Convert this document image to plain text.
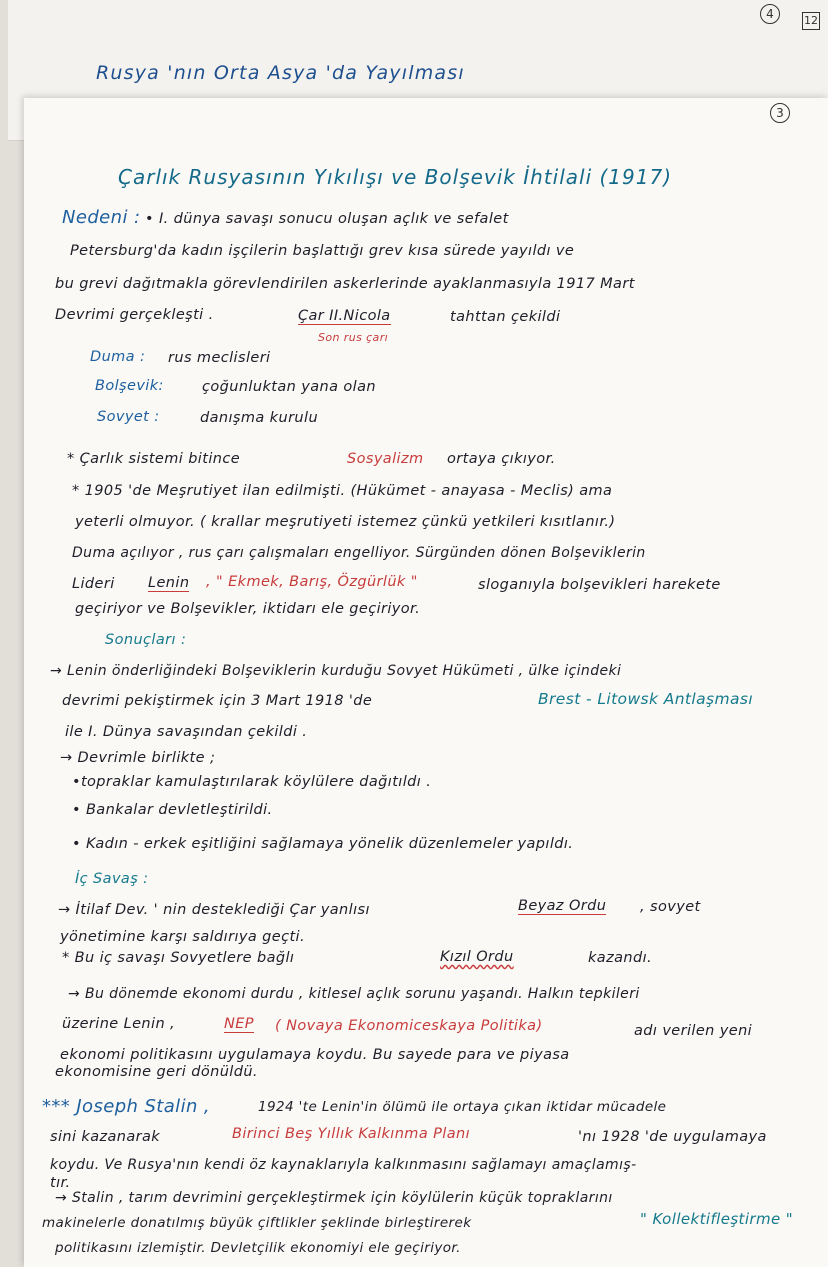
4	12
Rusya 'nın Orta Asya 'da Yayılması
3
Çarlık Rusyasının Yıkılışı ve Bolşevik İhtilali (1917)
Nedeni : • I. dünya savaşı sonucu oluşan açlık ve sefalet
Petersburg'da kadın işçilerin başlattığı grev kısa sürede yayıldı ve
bu grevi dağıtmakla görevlendirilen askerlerinde ayaklanmasıyla 1917 Mart
Devrimi gerçekleşti .	Çar II.Nicola	tahttan çekildi
Son rus çarı
Duma : rus meclisleri
Bolşevik:	çoğunluktan yana olan
Sovyet :	danışma kurulu
* Çarlık sistemi bitince	Sosyalizm ortaya çıkıyor.
* 1905 'de Meşrutiyet ilan edilmişti. (Hükümet - anayasa - Meclis) ama
yeterli olmuyor. ( krallar meşrutiyeti istemez çünkü yetkileri kısıtlanır.)
Duma açılıyor , rus çarı çalışmaları engelliyor. Sürgünden dönen Bolşeviklerin
Lideri Lenin , " Ekmek, Barış, Özgürlük "	sloganıyla bolşevikleri harekete
geçiriyor ve Bolşevikler, iktidarı ele geçiriyor.
Sonuçları :
→ Lenin önderliğindeki Bolşeviklerin kurduğu Sovyet Hükümeti , ülke içindeki
devrimi pekiştirmek için 3 Mart 1918 'de	Brest - Litowsk Antlaşması
ile I. Dünya savaşından çekildi .
→ Devrimle birlikte ;
•topraklar kamulaştırılarak köylülere dağıtıldı .
• Bankalar devletleştirildi.
• Kadın - erkek eşitliğini sağlamaya yönelik düzenlemeler yapıldı.
İç Savaş :
→ İtilaf Dev. ' nin desteklediği Çar yanlısı	Beyaz Ordu , sovyet
yönetimine karşı saldırıya geçti.
* Bu iç savaşı Sovyetlere bağlı	Kızıl Ordu	kazandı.
→ Bu dönemde ekonomi durdu , kitlesel açlık sorunu yaşandı. Halkın tepkileri
üzerine Lenin ,	NEP ( Novaya Ekonomiceskaya Politika)	adı verilen yeni
ekonomi politikasını uygulamaya koydu. Bu sayede para ve piyasa
ekonomisine geri dönüldü.
*** Joseph Stalin ,	1924 'te Lenin'in ölümü ile ortaya çıkan iktidar mücadele
sini kazanarak	Birinci Beş Yıllık Kalkınma Planı	'nı 1928 'de uygulamaya
koydu. Ve Rusya'nın kendi öz kaynaklarıyla kalkınmasını sağlamayı amaçlamış-
tır.
→ Stalin , tarım devrimini gerçekleştirmek için köylülerin küçük topraklarını
makinelerle donatılmış büyük çiftlikler şeklinde birleştirerek	" Kollektifleştirme "
politikasını izlemiştir. Devletçilik ekonomiyi ele geçiriyor.
